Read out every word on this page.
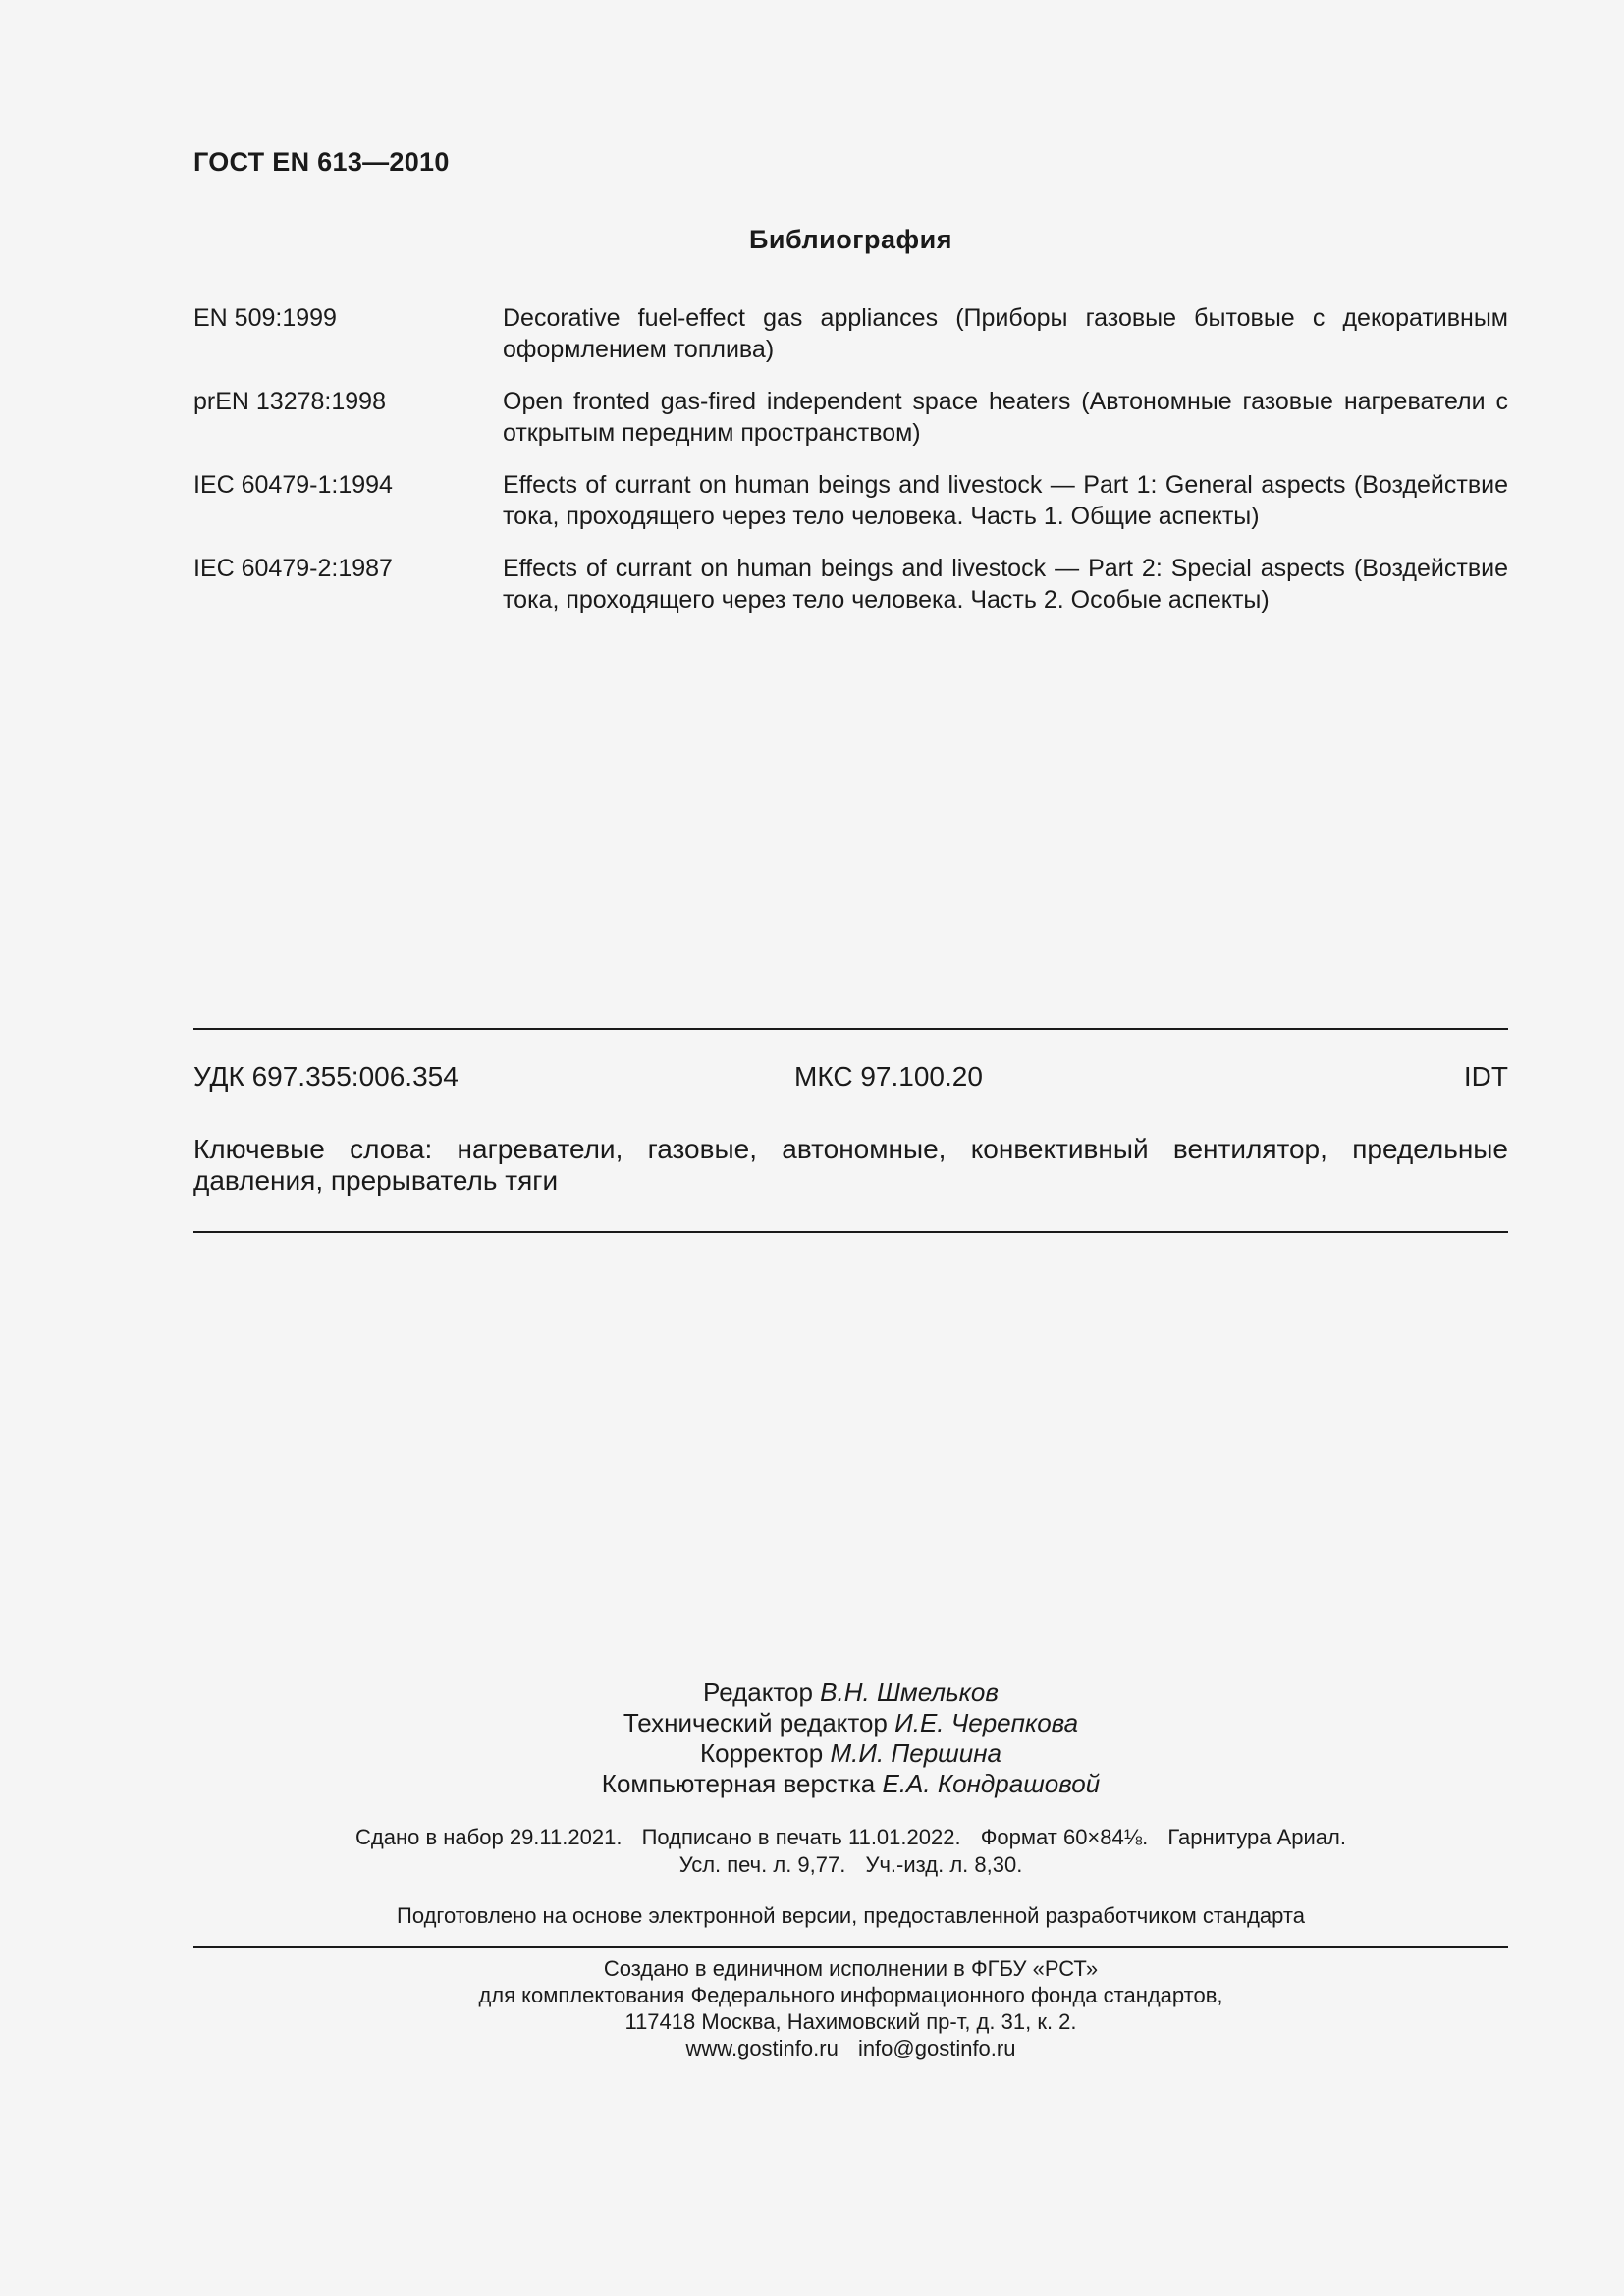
ГОСТ EN 613—2010
Библиография
EN 509:1999	Decorative fuel-effect gas appliances (Приборы газовые бытовые с декоративным оформлением топлива)
prEN 13278:1998	Open fronted gas-fired independent space heaters (Автономные газовые нагреватели с открытым передним пространством)
IEC 60479-1:1994	Effects of currant on human beings and livestock — Part 1: General aspects (Воздействие тока, проходящего через тело человека. Часть 1. Общие аспекты)
IEC 60479-2:1987	Effects of currant on human beings and livestock — Part 2: Special aspects (Воздействие тока, проходящего через тело человека. Часть 2. Особые аспекты)
УДК 697.355:006.354	МКС 97.100.20	IDT
Ключевые слова: нагреватели, газовые, автономные, конвективный вентилятор, предельные давления, прерыватель тяги
Редактор В.Н. Шмельков
Технический редактор И.Е. Черепкова
Корректор М.И. Першина
Компьютерная верстка Е.А. Кондрашовой
Сдано в набор 29.11.2021. Подписано в печать 11.01.2022. Формат 60×84⅛. Гарнитура Ариал.
Усл. печ. л. 9,77. Уч.-изд. л. 8,30.
Подготовлено на основе электронной версии, предоставленной разработчиком стандарта
Создано в единичном исполнении в ФГБУ «РСТ»
для комплектования Федерального информационного фонда стандартов,
117418 Москва, Нахимовский пр-т, д. 31, к. 2.
www.gostinfo.ru info@gostinfo.ru
